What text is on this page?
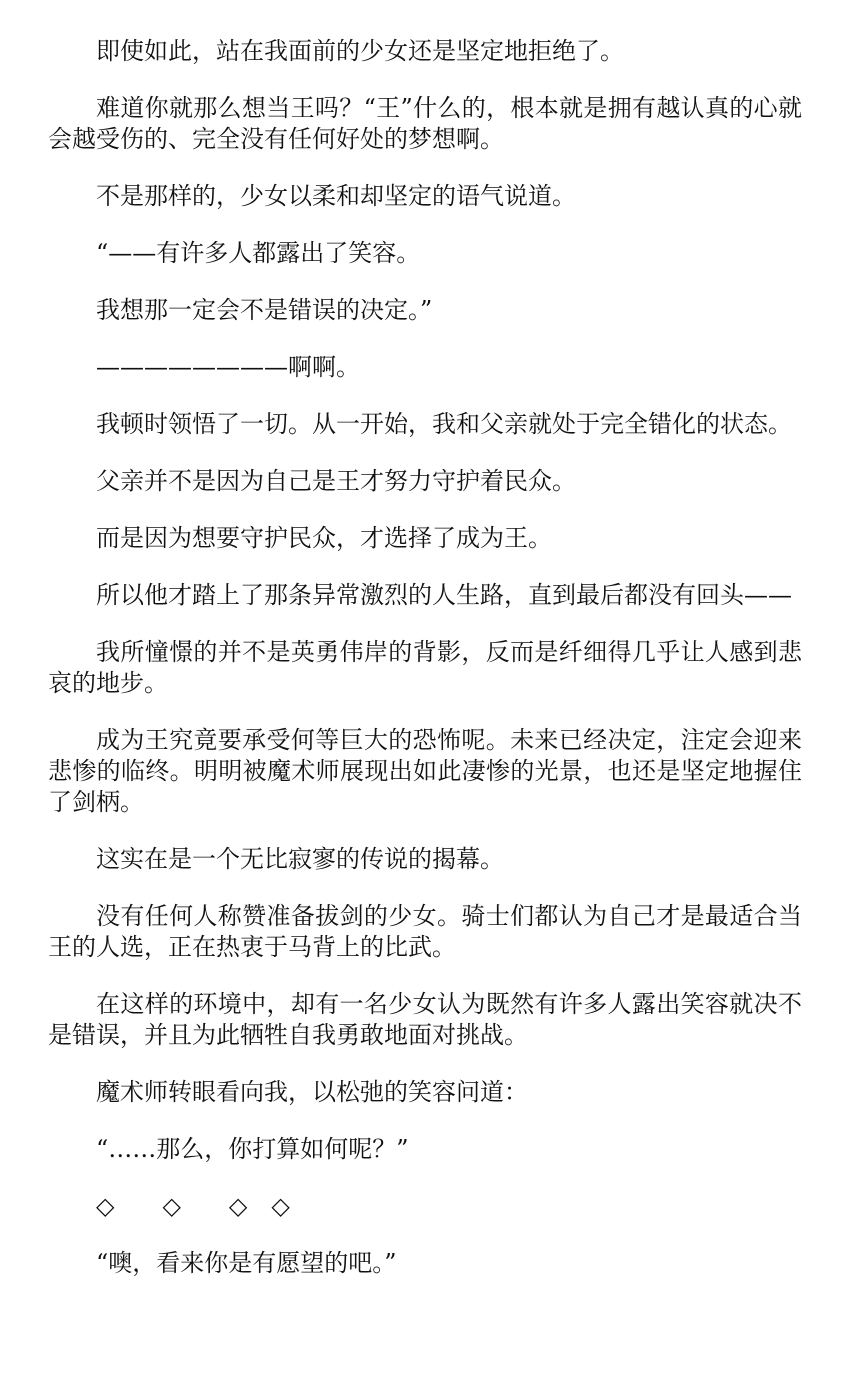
即使如此，站在我面前的少女还是坚定地拒绝了。

难道你就那么想当王吗？“王”什么的，根本就是拥有越认真的心就会越受伤的、完全没有任何好处的梦想啊。

不是那样的，少女以柔和却坚定的语气说道。

“——有许多人都露出了笑容。

我想那一定会不是错误的决定。”

————————啊啊。

我顿时领悟了一切。从一开始，我和父亲就处于完全错化的状态。

父亲并不是因为自己是王才努力守护着民众。

而是因为想要守护民众，才选择了成为王。

所以他才踏上了那条异常激烈的人生路，直到最后都没有回头——

我所憧憬的并不是英勇伟岸的背影，反而是纤细得几乎让人感到悲哀的地步。

成为王究竟要承受何等巨大的恐怖呢。未来已经决定，注定会迎来悲惨的临终。明明被魔术师展现出如此凄惨的光景，也还是坚定地握住了剑柄。

这实在是一个无比寂寥的传说的揭幕。

没有任何人称赞准备拔剑的少女。骑士们都认为自己才是最适合当王的人选，正在热衷于马背上的比武。

在这样的环境中，却有一名少女认为既然有许多人露出笑容就决不是错误，并且为此牺牲自我勇敢地面对挑战。

魔术师转眼看向我，以松弛的笑容问道：

“……那么，你打算如何呢？”

◇　　◇　　◇　◇

“噢，看来你是有愿望的吧。”
